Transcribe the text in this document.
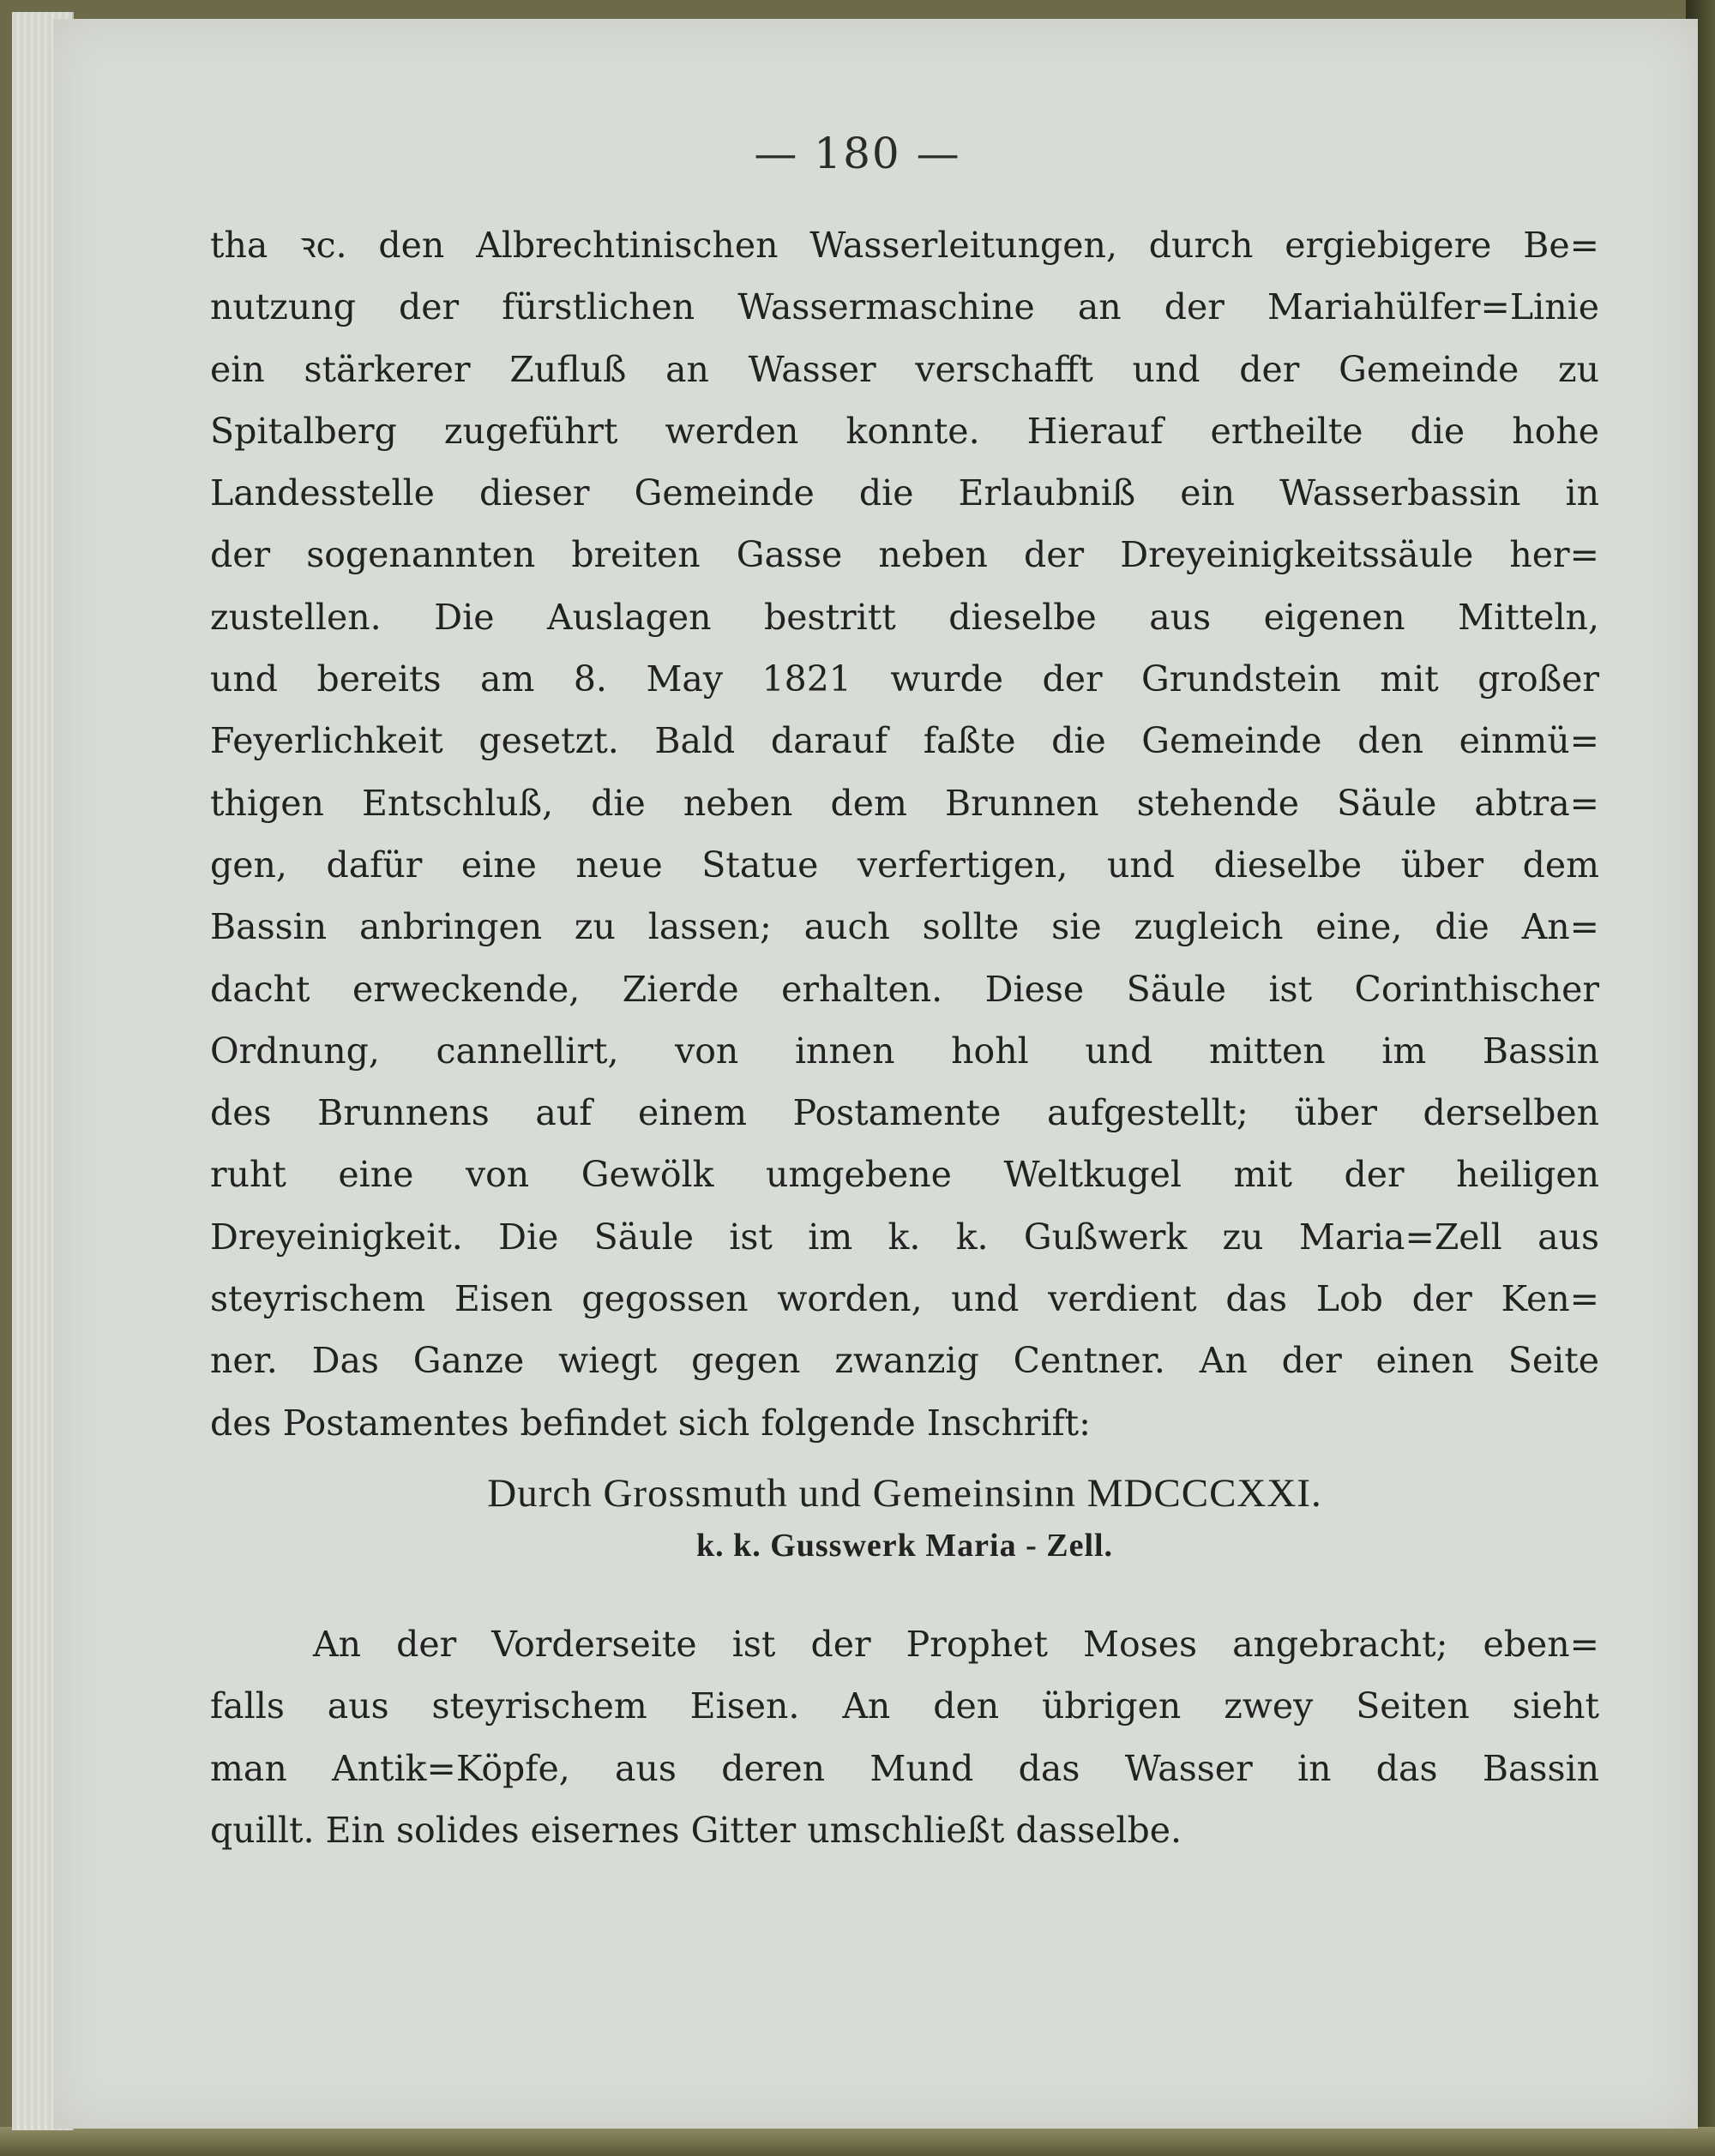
— 180 —
tha ꝛc. den Albrechtinischen Wasserleitungen, durch ergiebigere Be=
nutzung der fürstlichen Wassermaschine an der Mariahülfer=Linie
ein stärkerer Zufluß an Wasser verschafft und der Gemeinde zu
Spitalberg zugeführt werden konnte. Hierauf ertheilte die hohe
Landesstelle dieser Gemeinde die Erlaubniß ein Wasserbassin in
der sogenannten breiten Gasse neben der Dreyeinigkeitssäule her=
zustellen. Die Auslagen bestritt dieselbe aus eigenen Mitteln,
und bereits am 8. May 1821 wurde der Grundstein mit großer
Feyerlichkeit gesetzt. Bald darauf faßte die Gemeinde den einmü=
thigen Entschluß, die neben dem Brunnen stehende Säule abtra=
gen, dafür eine neue Statue verfertigen, und dieselbe über dem
Bassin anbringen zu lassen; auch sollte sie zugleich eine, die An=
dacht erweckende, Zierde erhalten. Diese Säule ist Corinthischer
Ordnung, cannellirt, von innen hohl und mitten im Bassin
des Brunnens auf einem Postamente aufgestellt; über derselben
ruht eine von Gewölk umgebene Weltkugel mit der heiligen
Dreyeinigkeit. Die Säule ist im k. k. Gußwerk zu Maria=Zell aus
steyrischem Eisen gegossen worden, und verdient das Lob der Ken=
ner. Das Ganze wiegt gegen zwanzig Centner. An der einen Seite
des Postamentes befindet sich folgende Inschrift:
Durch Grossmuth und Gemeinsinn MDCCCXXI.
k. k. Gusswerk Maria - Zell.
An der Vorderseite ist der Prophet Moses angebracht; eben=
falls aus steyrischem Eisen. An den übrigen zwey Seiten sieht
man Antik=Köpfe, aus deren Mund das Wasser in das Bassin
quillt. Ein solides eisernes Gitter umschließt dasselbe.
